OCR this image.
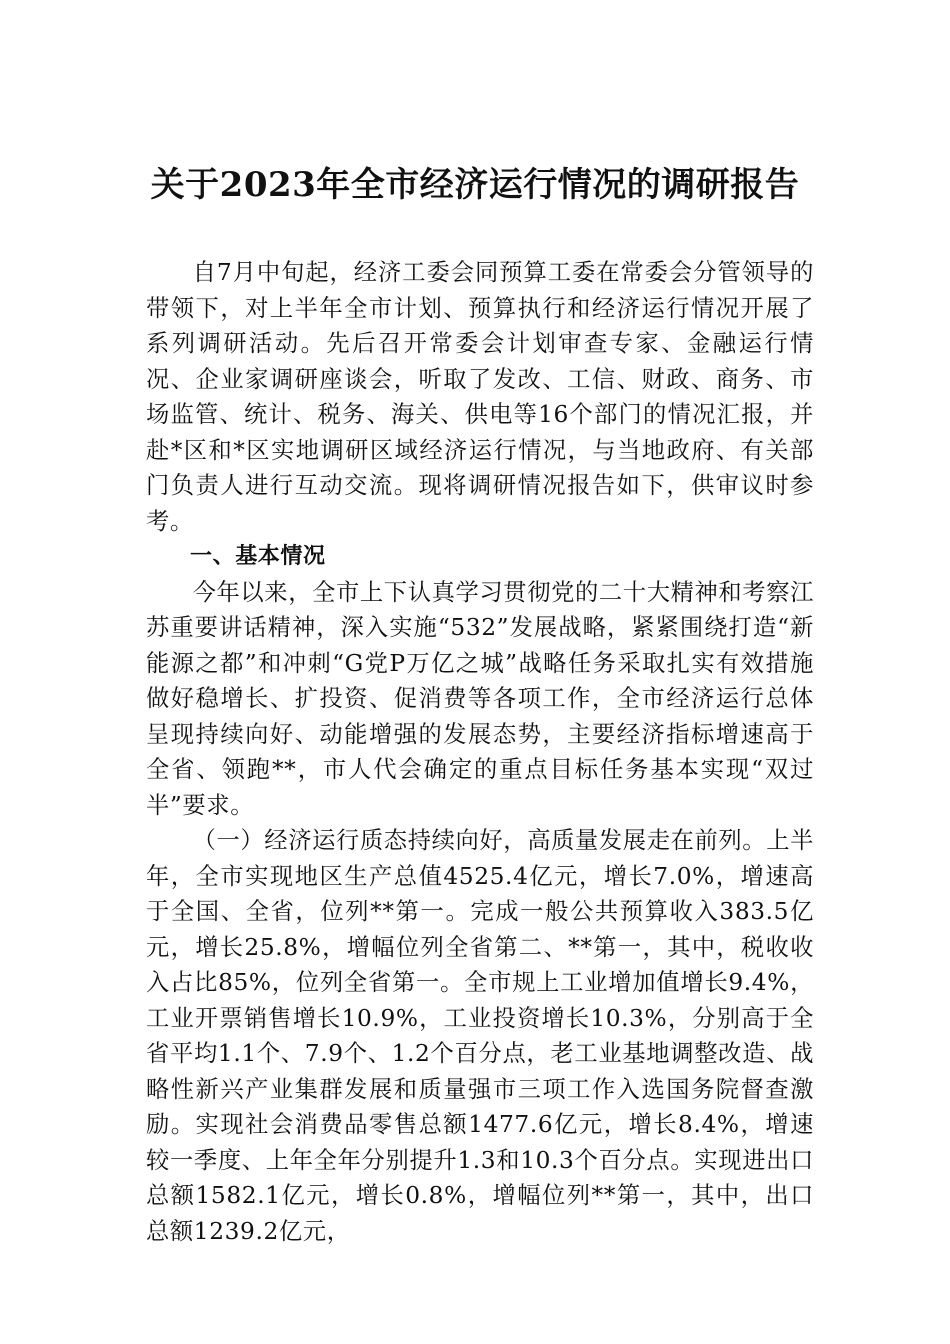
关于2023年全市经济运行情况的调研报告

自7月中旬起，经济工委会同预算工委在常委会分管领导的带领下，对上半年全市计划、预算执行和经济运行情况开展了系列调研活动。先后召开常委会计划审查专家、金融运行情况、企业家调研座谈会，听取了发改、工信、财政、商务、市场监管、统计、税务、海关、供电等16个部门的情况汇报，并赴*区和*区实地调研区域经济运行情况，与当地政府、有关部门负责人进行互动交流。现将调研情况报告如下，供审议时参考。

一、基本情况

今年以来，全市上下认真学习贯彻党的二十大精神和考察江苏重要讲话精神，深入实施“532”发展战略，紧紧围绕打造“新能源之都”和冲刺“G党P万亿之城”战略任务采取扎实有效措施做好稳增长、扩投资、促消费等各项工作，全市经济运行总体呈现持续向好、动能增强的发展态势，主要经济指标增速高于全省、领跑**，市人代会确定的重点目标任务基本实现“双过半”要求。

（一）经济运行质态持续向好，高质量发展走在前列。上半年，全市实现地区生产总值4525.4亿元，增长7.0%，增速高于全国、全省，位列**第一。完成一般公共预算收入383.5亿元，增长25.8%，增幅位列全省第二、**第一，其中，税收收入占比85%，位列全省第一。全市规上工业增加值增长9.4%，工业开票销售增长10.9%，工业投资增长10.3%，分别高于全省平均1.1个、7.9个、1.2个百分点，老工业基地调整改造、战略性新兴产业集群发展和质量强市三项工作入选国务院督查激励。实现社会消费品零售总额1477.6亿元，增长8.4%，增速较一季度、上年全年分别提升1.3和10.3个百分点。实现进出口总额1582.1亿元，增长0.8%，增幅位列**第一，其中，出口总额1239.2亿元，
